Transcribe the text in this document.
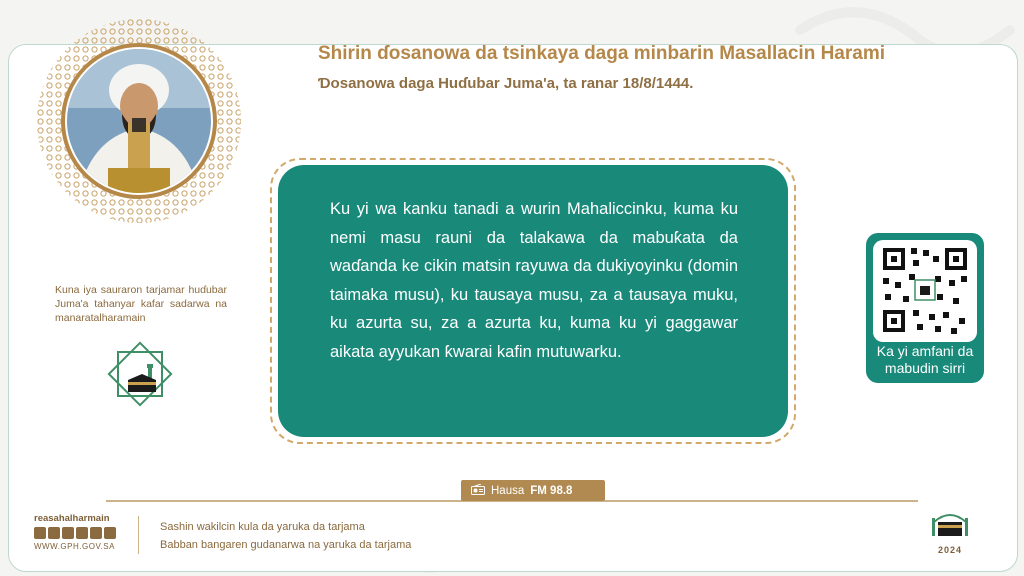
Shirin ɗosanowa da tsinkaya daga minbarin Masallacin Harami
Ɗosanowa daga Huɗubar Juma'a, ta ranar 18/8/1444.
Ku yi wa kanku tanadi a wurin Mahaliccinku, kuma ku nemi masu rauni da talakawa da mabuƙata da waɗanda ke cikin matsin rayuwa da dukiyoyinku (domin taimaka musu), ku tausaya musu, za a tausaya muku, ku azurta su, za a azurta ku, kuma ku yi gaggawar aikata ayyukan ƙwarai kafin mutuwarku.
Kuna iya sauraron tarjamar huɗubar Juma'a tahanyar kafar sadarwa na manaratalharamain
Ka yi amfani da mabudin sirri
Hausa FM 98.8
reasahalharmain
WWW.GPH.GOV.SA
Sashin wakilcin kula da yaruka da tarjama
Babban bangaren gudanarwa na yaruka da tarjama	2024
